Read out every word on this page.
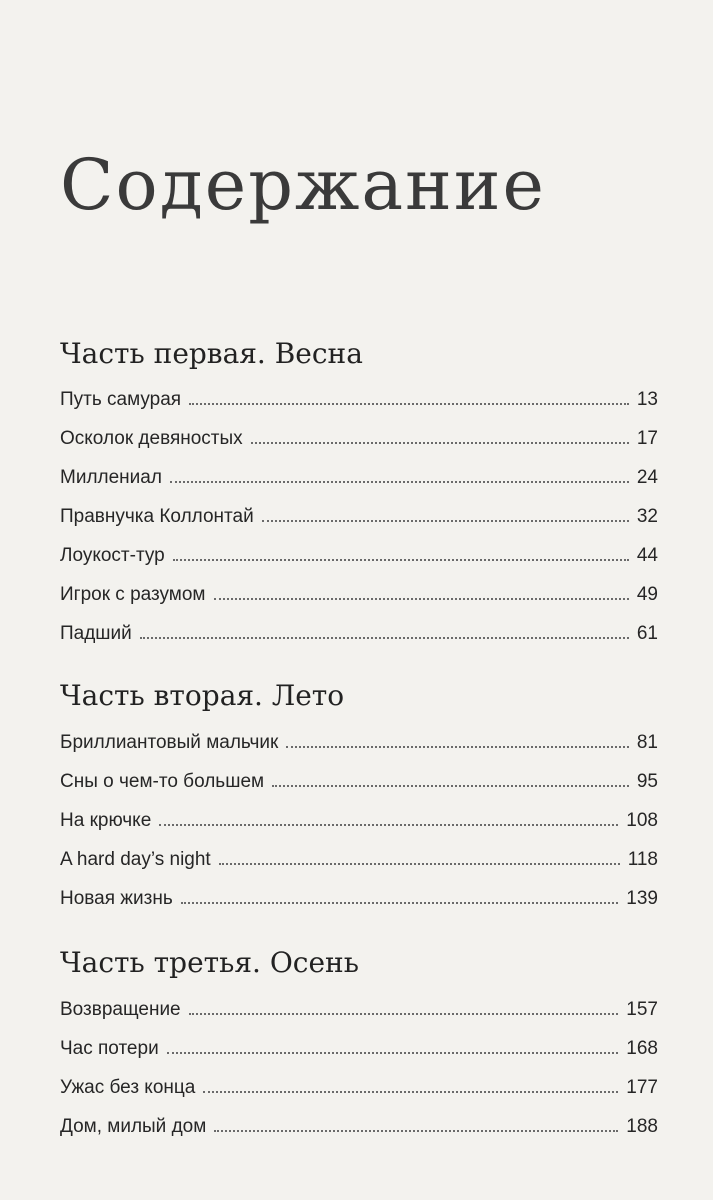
Содержание
Часть первая. Весна
Путь самурая	13
Осколок девяностых	17
Миллениал	24
Правнучка Коллонтай	32
Лоукост-тур	44
Игрок с разумом	49
Падший	61
Часть вторая. Лето
Бриллиантовый мальчик	81
Сны о чем-то большем	95
На крючке	108
A hard day’s night	118
Новая жизнь	139
Часть третья. Осень
Возвращение	157
Час потери	168
Ужас без конца	177
Дом, милый дом	188
